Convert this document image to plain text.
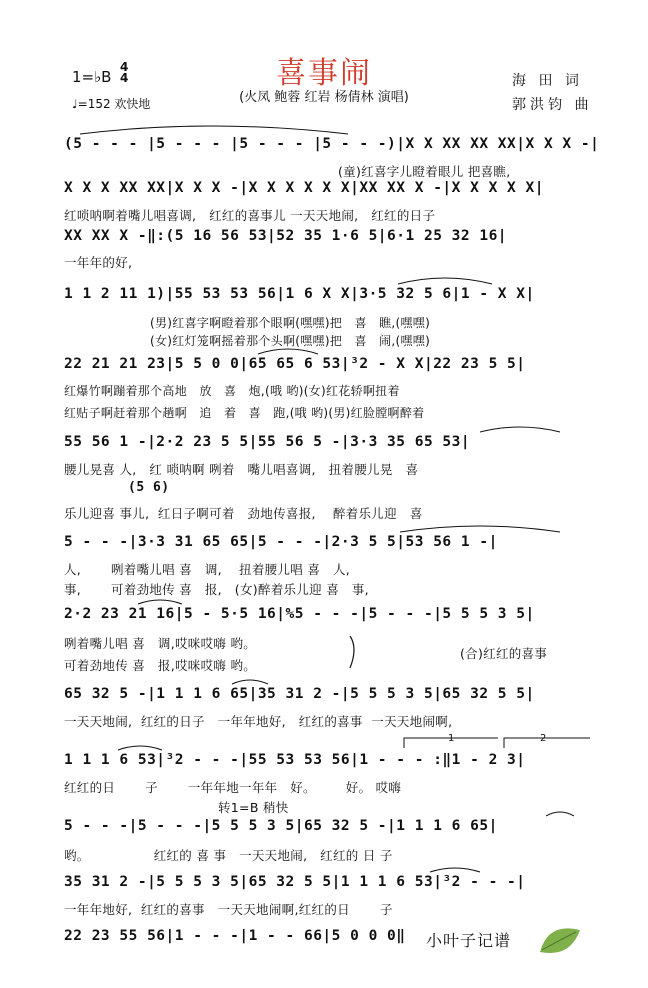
喜事闹
(火凤 鲍蓉 红岩 杨倩林 演唱)
1=♭B
4
4
♩=152 欢快地
海 田 词
郭洪钧 曲
(5 - - - |5 - - - |5 - - - |5 - - -)|X X XX XX XX|X X X -|
(童)红喜字儿瞪着眼儿 把喜瞧,
X X X XX XX|X X X -|X X X X X X|XX XX X -|X X X X X|
红唢呐啊着嘴儿唱喜调,   红红的喜事儿 一天天地闹,   红红的日子
XX XX X -‖:(5 16 56 53|52 35 1·6 5|6·1 25 32 16|
一年年的好,
1 1 2 11 1)|55 53 53 56|1 6 X X|3·5 32 5 6|1 - X X|
(男)红喜字啊瞪着那个眼啊(嘿嘿)把   喜   瞧,(嘿嘿)
(女)红灯笼啊摇着那个头啊(嘿嘿)把   喜   闹,(嘿嘿)
22 21 21 23|5 5 0 0|65 65 6 53|³2 - X X|22 23 5 5|
红爆竹啊蹦着那个高地   放   喜   炮,(哦 哟)(女)红花轿啊扭着
红贴子啊赶着那个趟啊   追   着   喜   跑,(哦 哟)(男)红脸膛啊醉着
55 56 1 -|2·2 23 5 5|55 56 5 -|3·3 35 65 53|
腰儿晃喜 人,   红 唢呐啊 咧着   嘴儿唱喜调,   扭着腰儿晃   喜
(5 6)
乐儿迎喜 事儿,  红日子啊可着   劲地传喜报,    醉着乐儿迎   喜
5 - - -|3·3 31 65 65|5 - - -|2·3 5 5|53 56 1 -|
人,       咧着嘴儿唱 喜   调,    扭着腰儿唱 喜   人,
事,       可着劲地传 喜   报,   (女)醉着乐儿迎 喜   事,
2·2 23 21 16|5 - 5·5 16|%5 - - -|5 - - -|5 5 5 3 5|
咧着嘴儿唱 喜   调,哎咪哎嗨 哟。
可着劲地传 喜   报,哎咪哎嗨 哟。
(合)红红的喜事
65 32 5 -|1 1 1 6 65|35 31 2 -|5 5 5 3 5|65 32 5 5|
一天天地闹,  红红的日子   一年年地好,   红红的喜事  一天天地闹啊,
1	2
1 1 1 6 53|³2 - - -|55 53 53 56|1 - - - :‖1 - 2 3|
红红的日       子       一年年地一年年   好。       好。 哎嗨
转1=B 稍快
5 - - -|5 - - -|5 5 5 3 5|65 32 5 -|1 1 1 6 65|
哟。               红红的 喜 事   一天天地闹,   红红的 日 子
35 31 2 -|5 5 5 3 5|65 32 5 5|1 1 1 6 53|³2 - - -|
一年年地好,  红红的喜事   一天天地闹啊,红红的日       子
22 23 55 56|1 - - -|1 - - 66|5 0 0 0‖ 小叶子记谱
